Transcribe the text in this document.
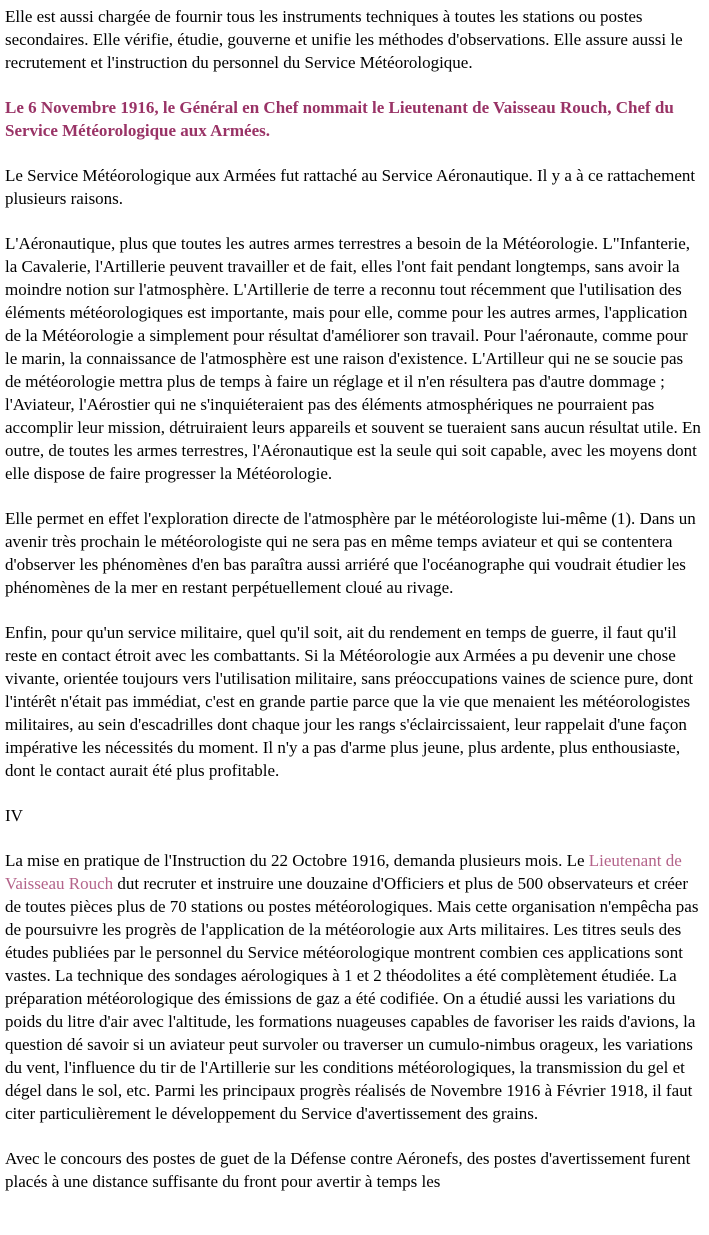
Elle est aussi chargée de fournir tous les instruments techniques à toutes les stations ou postes secondaires. Elle vérifie, étudie, gouverne et unifie les méthodes d'observations. Elle assure aussi le recrutement et l'instruction du personnel du Service Météorologique.

Le 6 Novembre 1916, le Général en Chef nommait le Lieutenant de Vaisseau Rouch, Chef du Service Météorologique aux Armées.

Le Service Météorologique aux Armées fut rattaché au Service Aéronautique. Il y a à ce rattachement plusieurs raisons.

L'Aéronautique, plus que toutes les autres armes terrestres a besoin de la Météorologie. L"Infanterie, la Cavalerie, l'Artillerie peuvent travailler et de fait, elles l'ont fait pendant longtemps, sans avoir la moindre notion sur l'atmosphère. L'Artillerie de terre a reconnu tout récemment que l'utilisation des éléments météorologiques est importante, mais pour elle, comme pour les autres armes, l'application de la Météorologie a simplement pour résultat d'améliorer son travail. Pour l'aéronaute, comme pour le marin, la connaissance de l'atmosphère est une raison d'existence. L'Artilleur qui ne se soucie pas de météorologie mettra plus de temps à faire un réglage et il n'en résultera pas d'autre dommage ; l'Aviateur, l'Aérostier qui ne s'inquiéteraient pas des éléments atmosphériques ne pourraient pas accomplir leur mission, détruiraient leurs appareils et souvent se tueraient sans aucun résultat utile. En outre, de toutes les armes terrestres, l'Aéronautique est la seule qui soit capable, avec les moyens dont elle dispose de faire progresser la Météorologie.

Elle permet en effet l'exploration directe de l'atmosphère par le météorologiste lui-même (1). Dans un avenir très prochain le météorologiste qui ne sera pas en même temps aviateur et qui se contentera d'observer les phénomènes d'en bas paraîtra aussi arriéré que l'océanographe qui voudrait étudier les phénomènes de la mer en restant perpétuellement cloué au rivage.

Enfin, pour qu'un service militaire, quel qu'il soit, ait du rendement en temps de guerre, il faut qu'il reste en contact étroit avec les combattants. Si la Météorologie aux Armées a pu devenir une chose vivante, orientée toujours vers l'utilisation militaire, sans préoccupations vaines de science pure, dont l'intérêt n'était pas immédiat, c'est en grande partie parce que la vie que menaient les météorologistes militaires, au sein d'escadrilles dont chaque jour les rangs s'éclaircissaient, leur rappelait d'une façon impérative les nécessités du moment. Il n'y a pas d'arme plus jeune, plus ardente, plus enthousiaste, dont le contact aurait été plus profitable.

IV

La mise en pratique de l'Instruction du 22 Octobre 1916, demanda plusieurs mois. Le Lieutenant de Vaisseau Rouch dut recruter et instruire une douzaine d'Officiers et plus de 500 observateurs et créer de toutes pièces plus de 70 stations ou postes météorologiques. Mais cette organisation n'empêcha pas de poursuivre les progrès de l'application de la météorologie aux Arts militaires. Les titres seuls des études publiées par le personnel du Service météorologique montrent combien ces applications sont vastes. La technique des sondages aérologiques à 1 et 2 théodolites a été complètement étudiée. La préparation météorologique des émissions de gaz a été codifiée. On a étudié aussi les variations du poids du litre d'air avec l'altitude, les formations nuageuses capables de favoriser les raids d'avions, la question dé savoir si un aviateur peut survoler ou traverser un cumulo-nimbus orageux, les variations du vent, l'influence du tir de l'Artillerie sur les conditions météorologiques, la transmission du gel et dégel dans le sol, etc. Parmi les principaux progrès réalisés de Novembre 1916 à Février 1918, il faut citer particulièrement le développement du Service d'avertissement des grains.

Avec le concours des postes de guet de la Défense contre Aéronefs, des postes d'avertissement furent placés à une distance suffisante du front pour avertir à temps les
